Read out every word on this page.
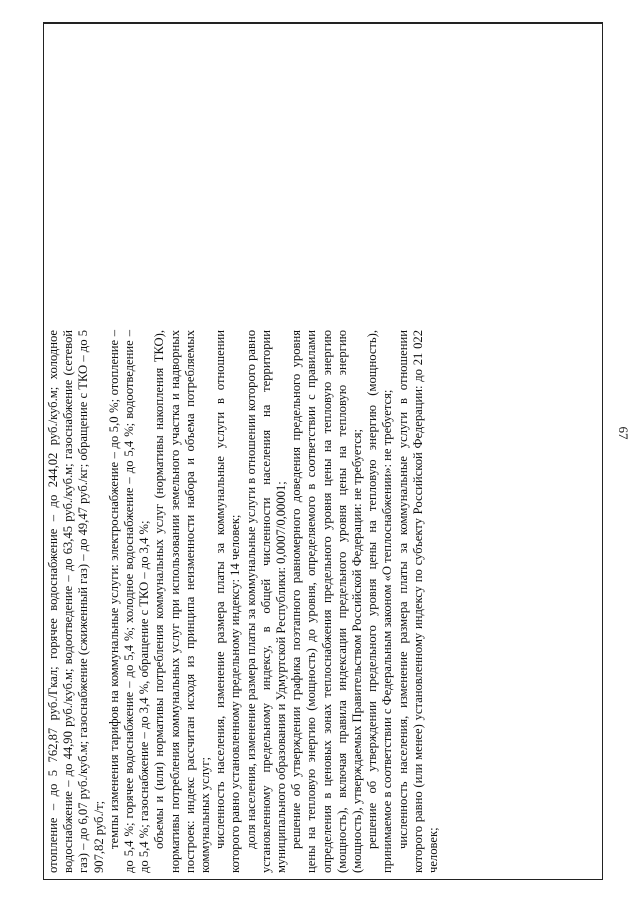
67

отопление – до 5 762,87 руб./Гкал; горячее водоснабжение – до 244,02 руб./куб.м; холодное водоснабжение – до 44,90 руб./куб.м; водоотведение – до 63,45 руб./куб.м; газоснабжение (сетевой газ) – до 6,07 руб./куб.м; газоснабжение (сжиженный газ) – до 49,47 руб./кг; обращение с ТКО – до 5 907,82 руб./т; темпы изменения тарифов на коммунальные услуги: электроснабжение – до 5,0 %; отопление – до 5,4 %; горячее водоснабжение – до 5,4 %; холодное водоснабжение – до 5,4 %; водоотведение – до 5,4 %; газоснабжение – до 3,4 %, обращение с ТКО – до 3,4 %; объемы и (или) нормативы потребления коммунальных услуг (нормативы накопления ТКО), нормативы потребления коммунальных услуг при использовании земельного участка и надворных построек: индекс рассчитан исходя из принципа неизменности набора и объема потребляемых коммунальных услуг; численность населения, изменение размера платы за коммунальные услуги в отношении которого равно установленному предельному индексу: 14 человек; доля населения, изменение размера платы за коммунальные услуги в отношении которого равно установленному предельному индексу, в общей численности населения на территории муниципального образования и Удмуртской Республики: 0,0007/0,00001; решение об утверждении графика поэтапного равномерного доведения предельного уровня цены на тепловую энергию (мощность) до уровня, определяемого в соответствии с правилами определения в ценовых зонах теплоснабжения предельного уровня цены на тепловую энергию (мощность), включая правила индексации предельного уровня цены на тепловую энергию (мощность), утверждаемых Правительством Российской Федерации: не требуется; решение об утверждении предельного уровня цены на тепловую энергию (мощность), принимаемое в соответствии с Федеральным законом «О теплоснабжении»: не требуется; численность населения, изменение размера платы за коммунальные услуги в отношении которого равно (или менее) установленному индексу по субъекту Российской Федерации: до 21 022 человек;
